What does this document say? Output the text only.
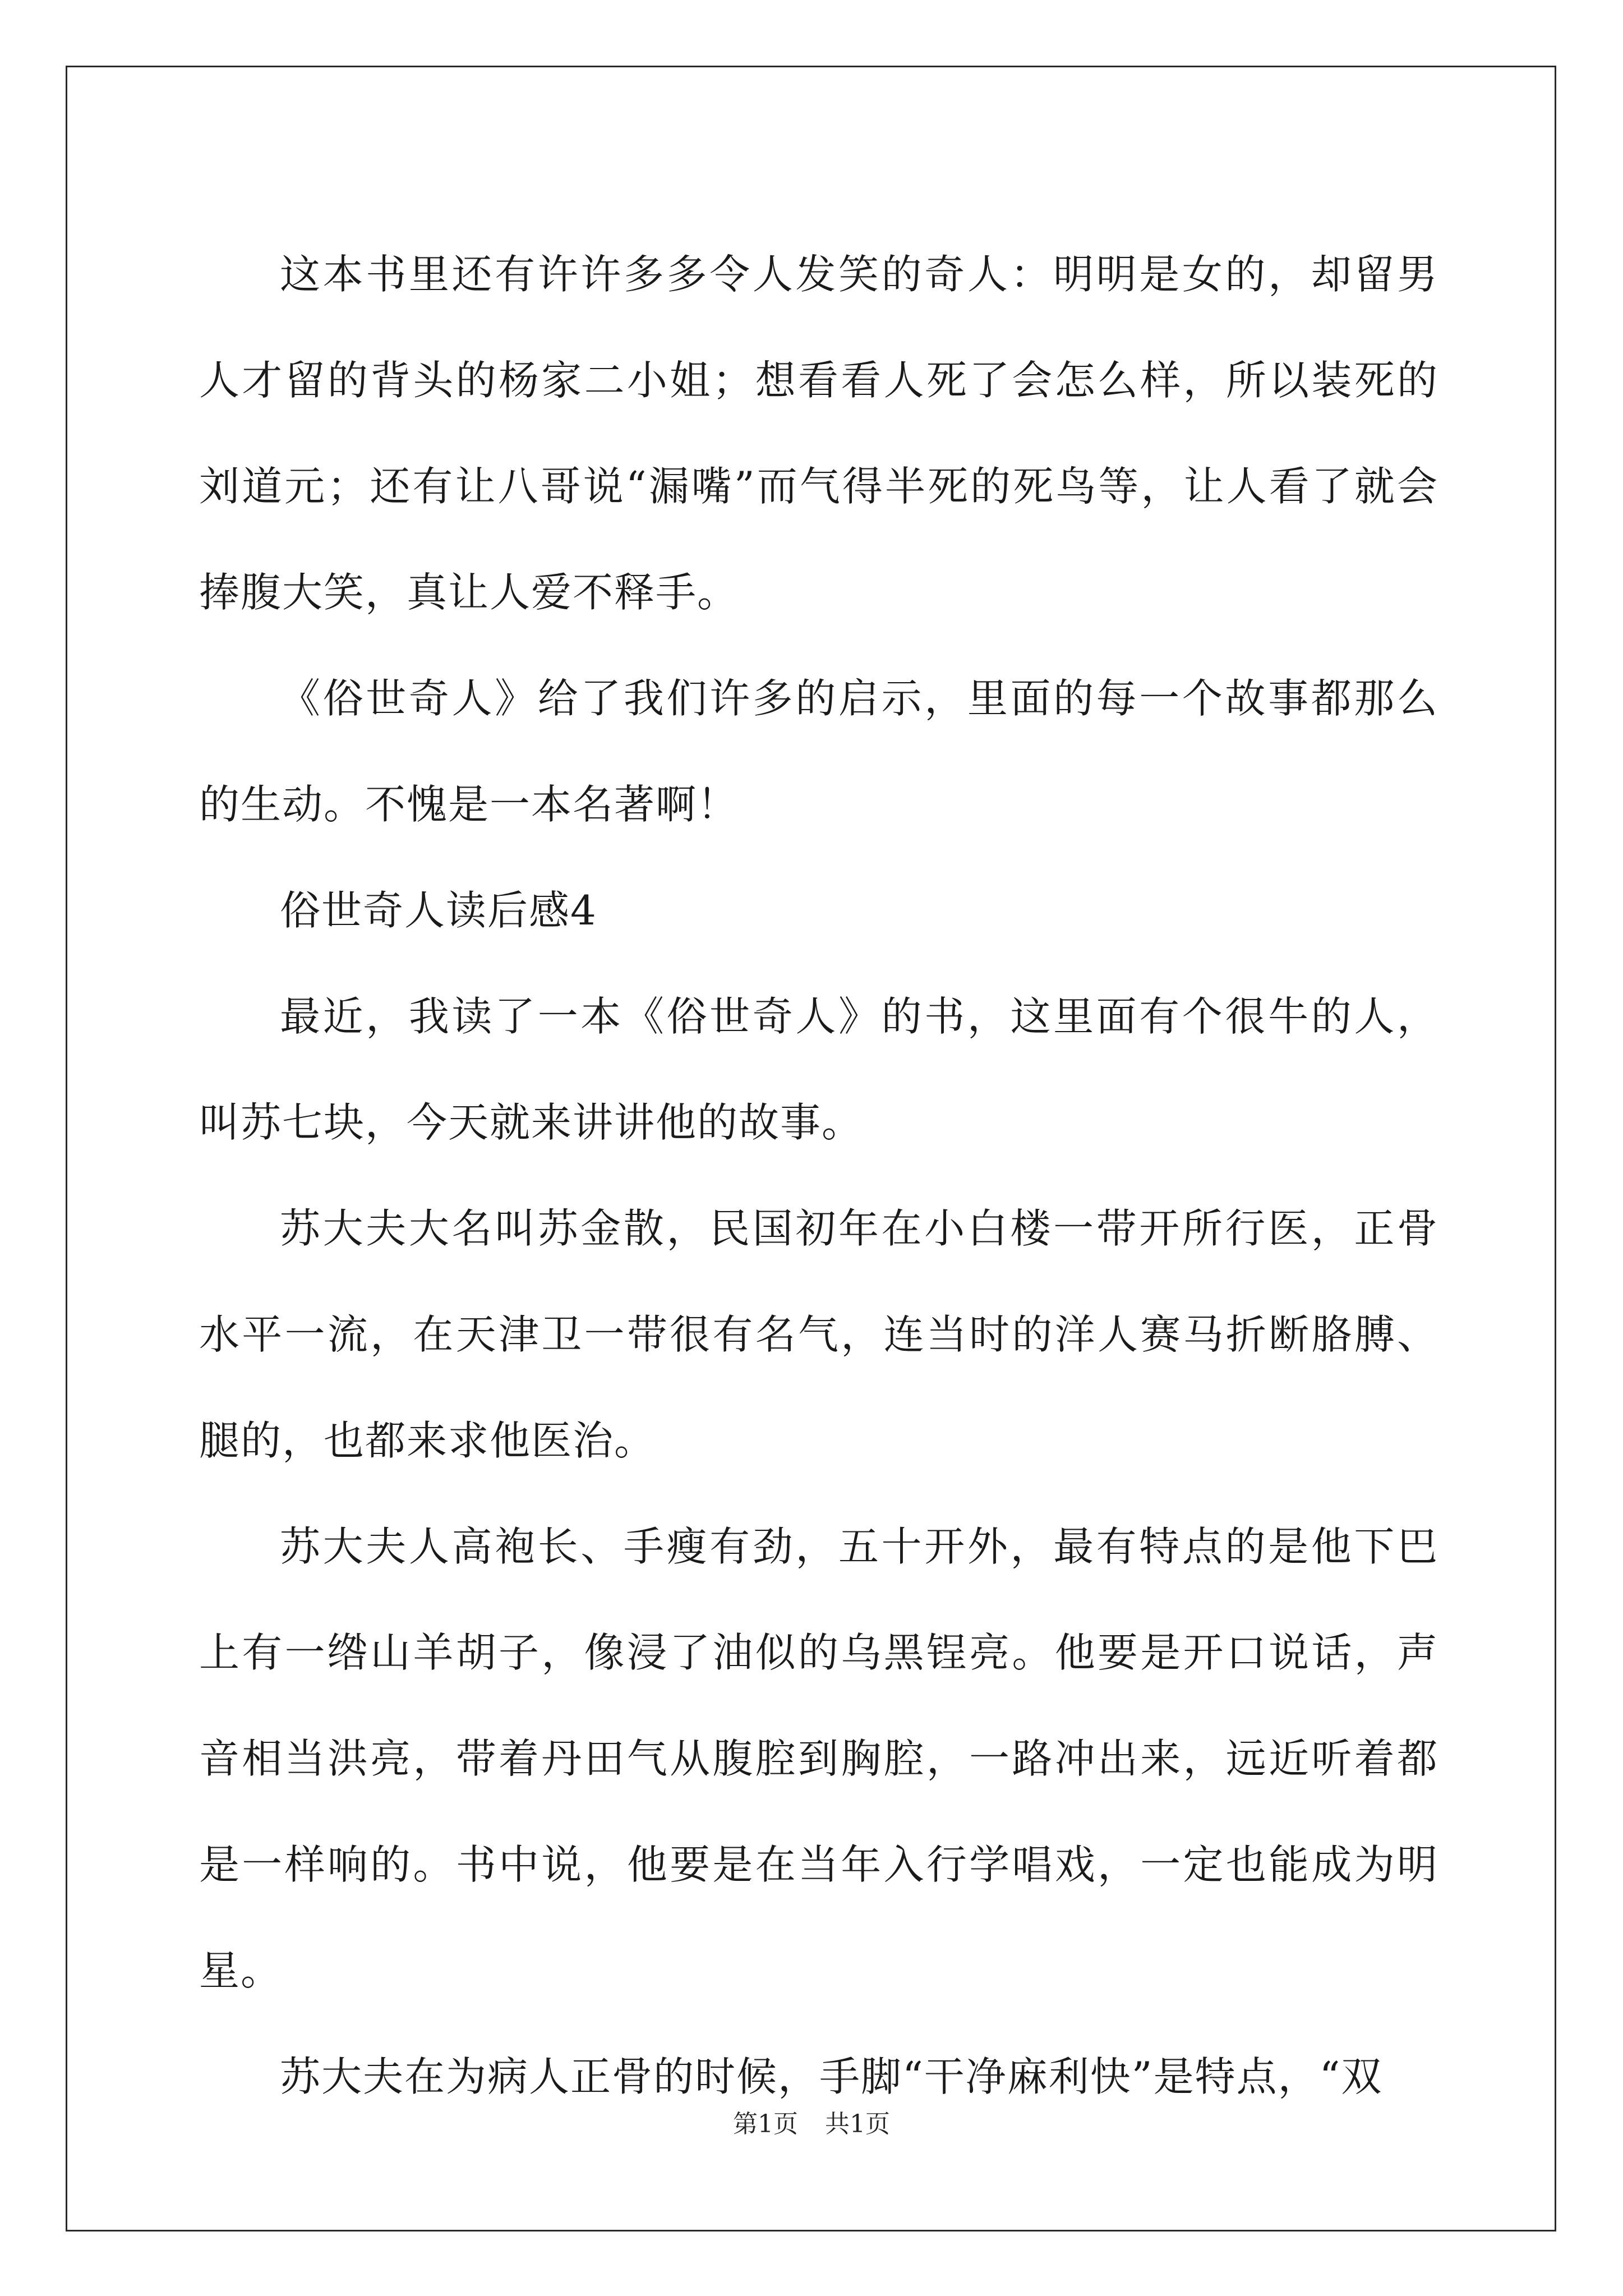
这本书里还有许许多多令人发笑的奇人：明明是女的，却留男人才留的背头的杨家二小姐；想看看人死了会怎么样，所以装死的刘道元；还有让八哥说“漏嘴”而气得半死的死鸟等，让人看了就会捧腹大笑，真让人爱不释手。

《俗世奇人》给了我们许多的启示，里面的每一个故事都那么的生动。不愧是一本名著啊！

俗世奇人读后感4

最近，我读了一本《俗世奇人》的书，这里面有个很牛的人，叫苏七块，今天就来讲讲他的故事。

苏大夫大名叫苏金散，民国初年在小白楼一带开所行医，正骨水平一流，在天津卫一带很有名气，连当时的洋人赛马折断胳膊、腿的，也都来求他医治。

苏大夫人高袍长、手瘦有劲，五十开外，最有特点的是他下巴上有一绺山羊胡子，像浸了油似的乌黑锃亮。他要是开口说话，声音相当洪亮，带着丹田气从腹腔到胸腔，一路冲出来，远近听着都是一样响的。书中说，他要是在当年入行学唱戏，一定也能成为明星。

苏大夫在为病人正骨的时候，手脚“干净麻利快”是特点，“双

第1页 共1页
